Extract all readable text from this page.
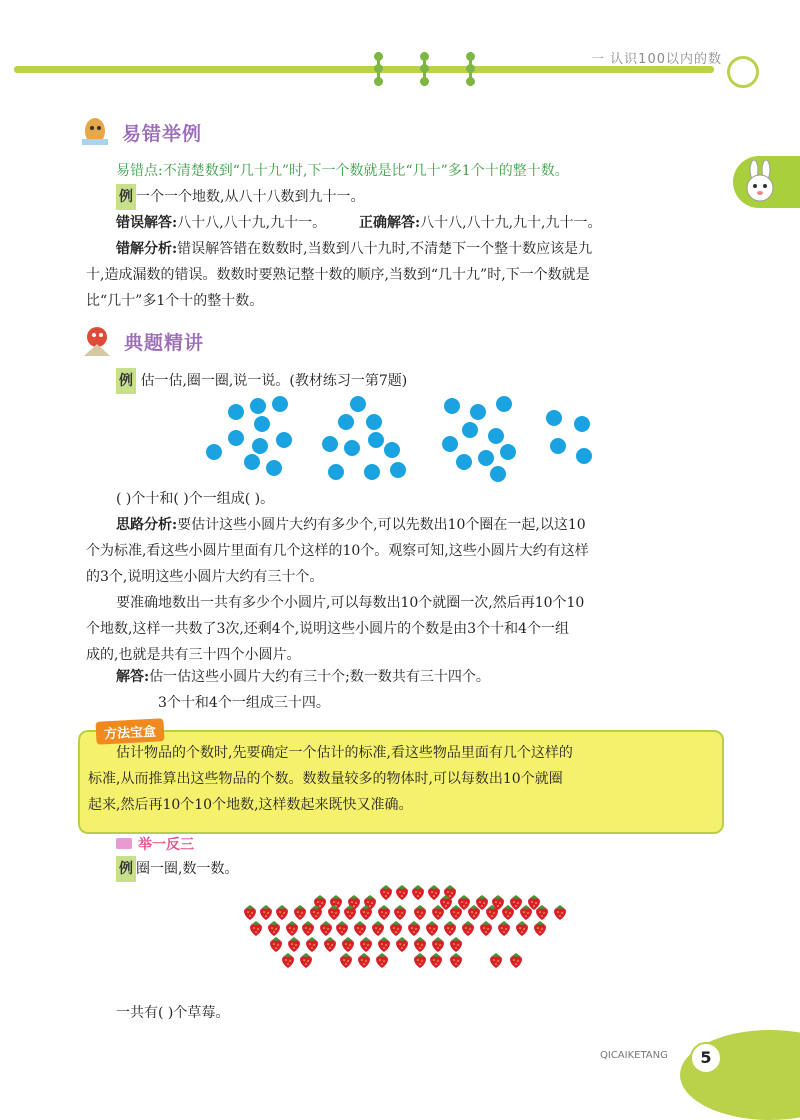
一 认识100以内的数
易错举例
易错点:不清楚数到“几十九”时,下一个数就是比“几十”多1个十的整十数。
例 一个一个地数,从八十八数到九十一。
错误解答:八十八,八十九,九十一。 正确解答:八十八,八十九,九十,九十一。
错解分析:错误解答错在数数时,当数到八十九时,不清楚下一个整十数应该是九
十,造成漏数的错误。数数时要熟记整十数的顺序,当数到“几十九”时,下一个数就是
比“几十”多1个十的整十数。
典题精讲
例 估一估,圈一圈,说一说。(教材练习一第7题)
( )个十和( )个一组成( )。
思路分析:要估计这些小圆片大约有多少个,可以先数出10个圈在一起,以这10
个为标准,看这些小圆片里面有几个这样的10个。观察可知,这些小圆片大约有这样
的3个,说明这些小圆片大约有三十个。
要准确地数出一共有多少个小圆片,可以每数出10个就圈一次,然后再10个10
个地数,这样一共数了3次,还剩4个,说明这些小圆片的个数是由3个十和4个一组
成的,也就是共有三十四个小圆片。
解答:估一估这些小圆片大约有三十个;数一数共有三十四个。
3个十和4个一组成三十四。
方法宝盒
估计物品的个数时,先要确定一个估计的标准,看这些物品里面有几个这样的
标准,从而推算出这些物品的个数。数数量较多的物体时,可以每数出10个就圈
起来,然后再10个10个地数,这样数起来既快又准确。
举一反三
例 圈一圈,数一数。
一共有( )个草莓。
QICAIKETANG	5
